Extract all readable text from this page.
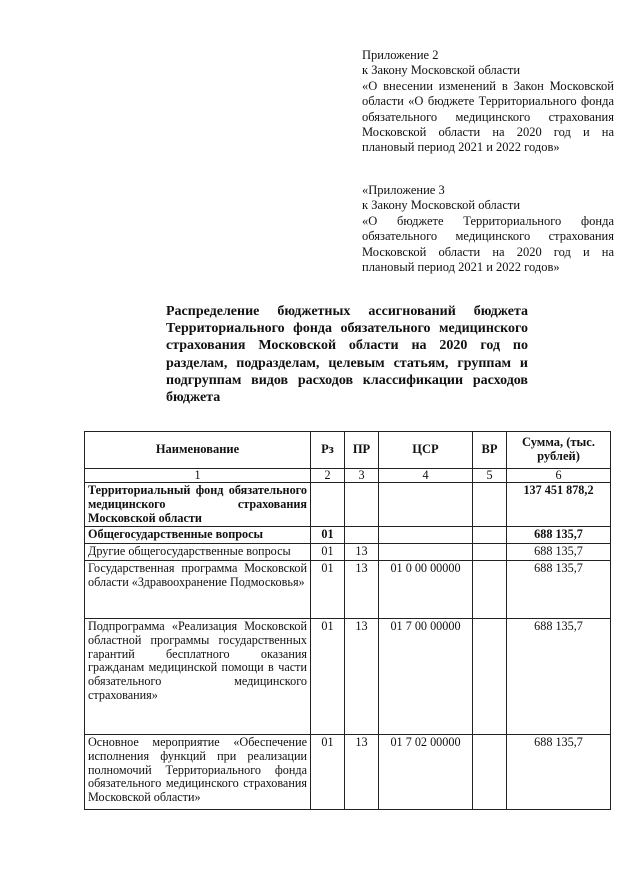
Приложение 2

к Закону Московской области

«О внесении изменений в Закон Московской области «О бюджете Территориального фонда обязательного медицинского страхования Московской области на 2020 год и на плановый период 2021 и 2022 годов»

«Приложение 3

к Закону Московской области

«О бюджете Территориального фонда обязательного медицинского страхования Московской области на 2020 год и на плановый период 2021 и 2022 годов»

Распределение бюджетных ассигнований бюджета Территориального фонда обязательного медицинского страхования Московской области на 2020 год по разделам, подразделам, целевым статьям, группам и подгруппам видов расходов классификации расходов бюджета
Наименование	Рз	ПР	ЦСР	ВР	Сумма, (тыс. рублей)
1	2	3	4	5	6
Территориальный фонд обязательного медицинского страхования Московской области					137 451 878,2
Общегосударственные вопросы	01				688 135,7
Другие общегосударственные вопросы	01	13			688 135,7
Государственная программа Московской области «Здравоохранение Подмосковья»	01	13	01 0 00 00000		688 135,7
Подпрограмма «Реализация Московской областной программы государственных гарантий бесплатного оказания гражданам медицинской помощи в части обязательного медицинского страхования»	01	13	01 7 00 00000		688 135,7
Основное мероприятие «Обеспечение исполнения функций при реализации полномочий Территориального фонда обязательного медицинского страхования Московской области»	01	13	01 7 02 00000		688 135,7
